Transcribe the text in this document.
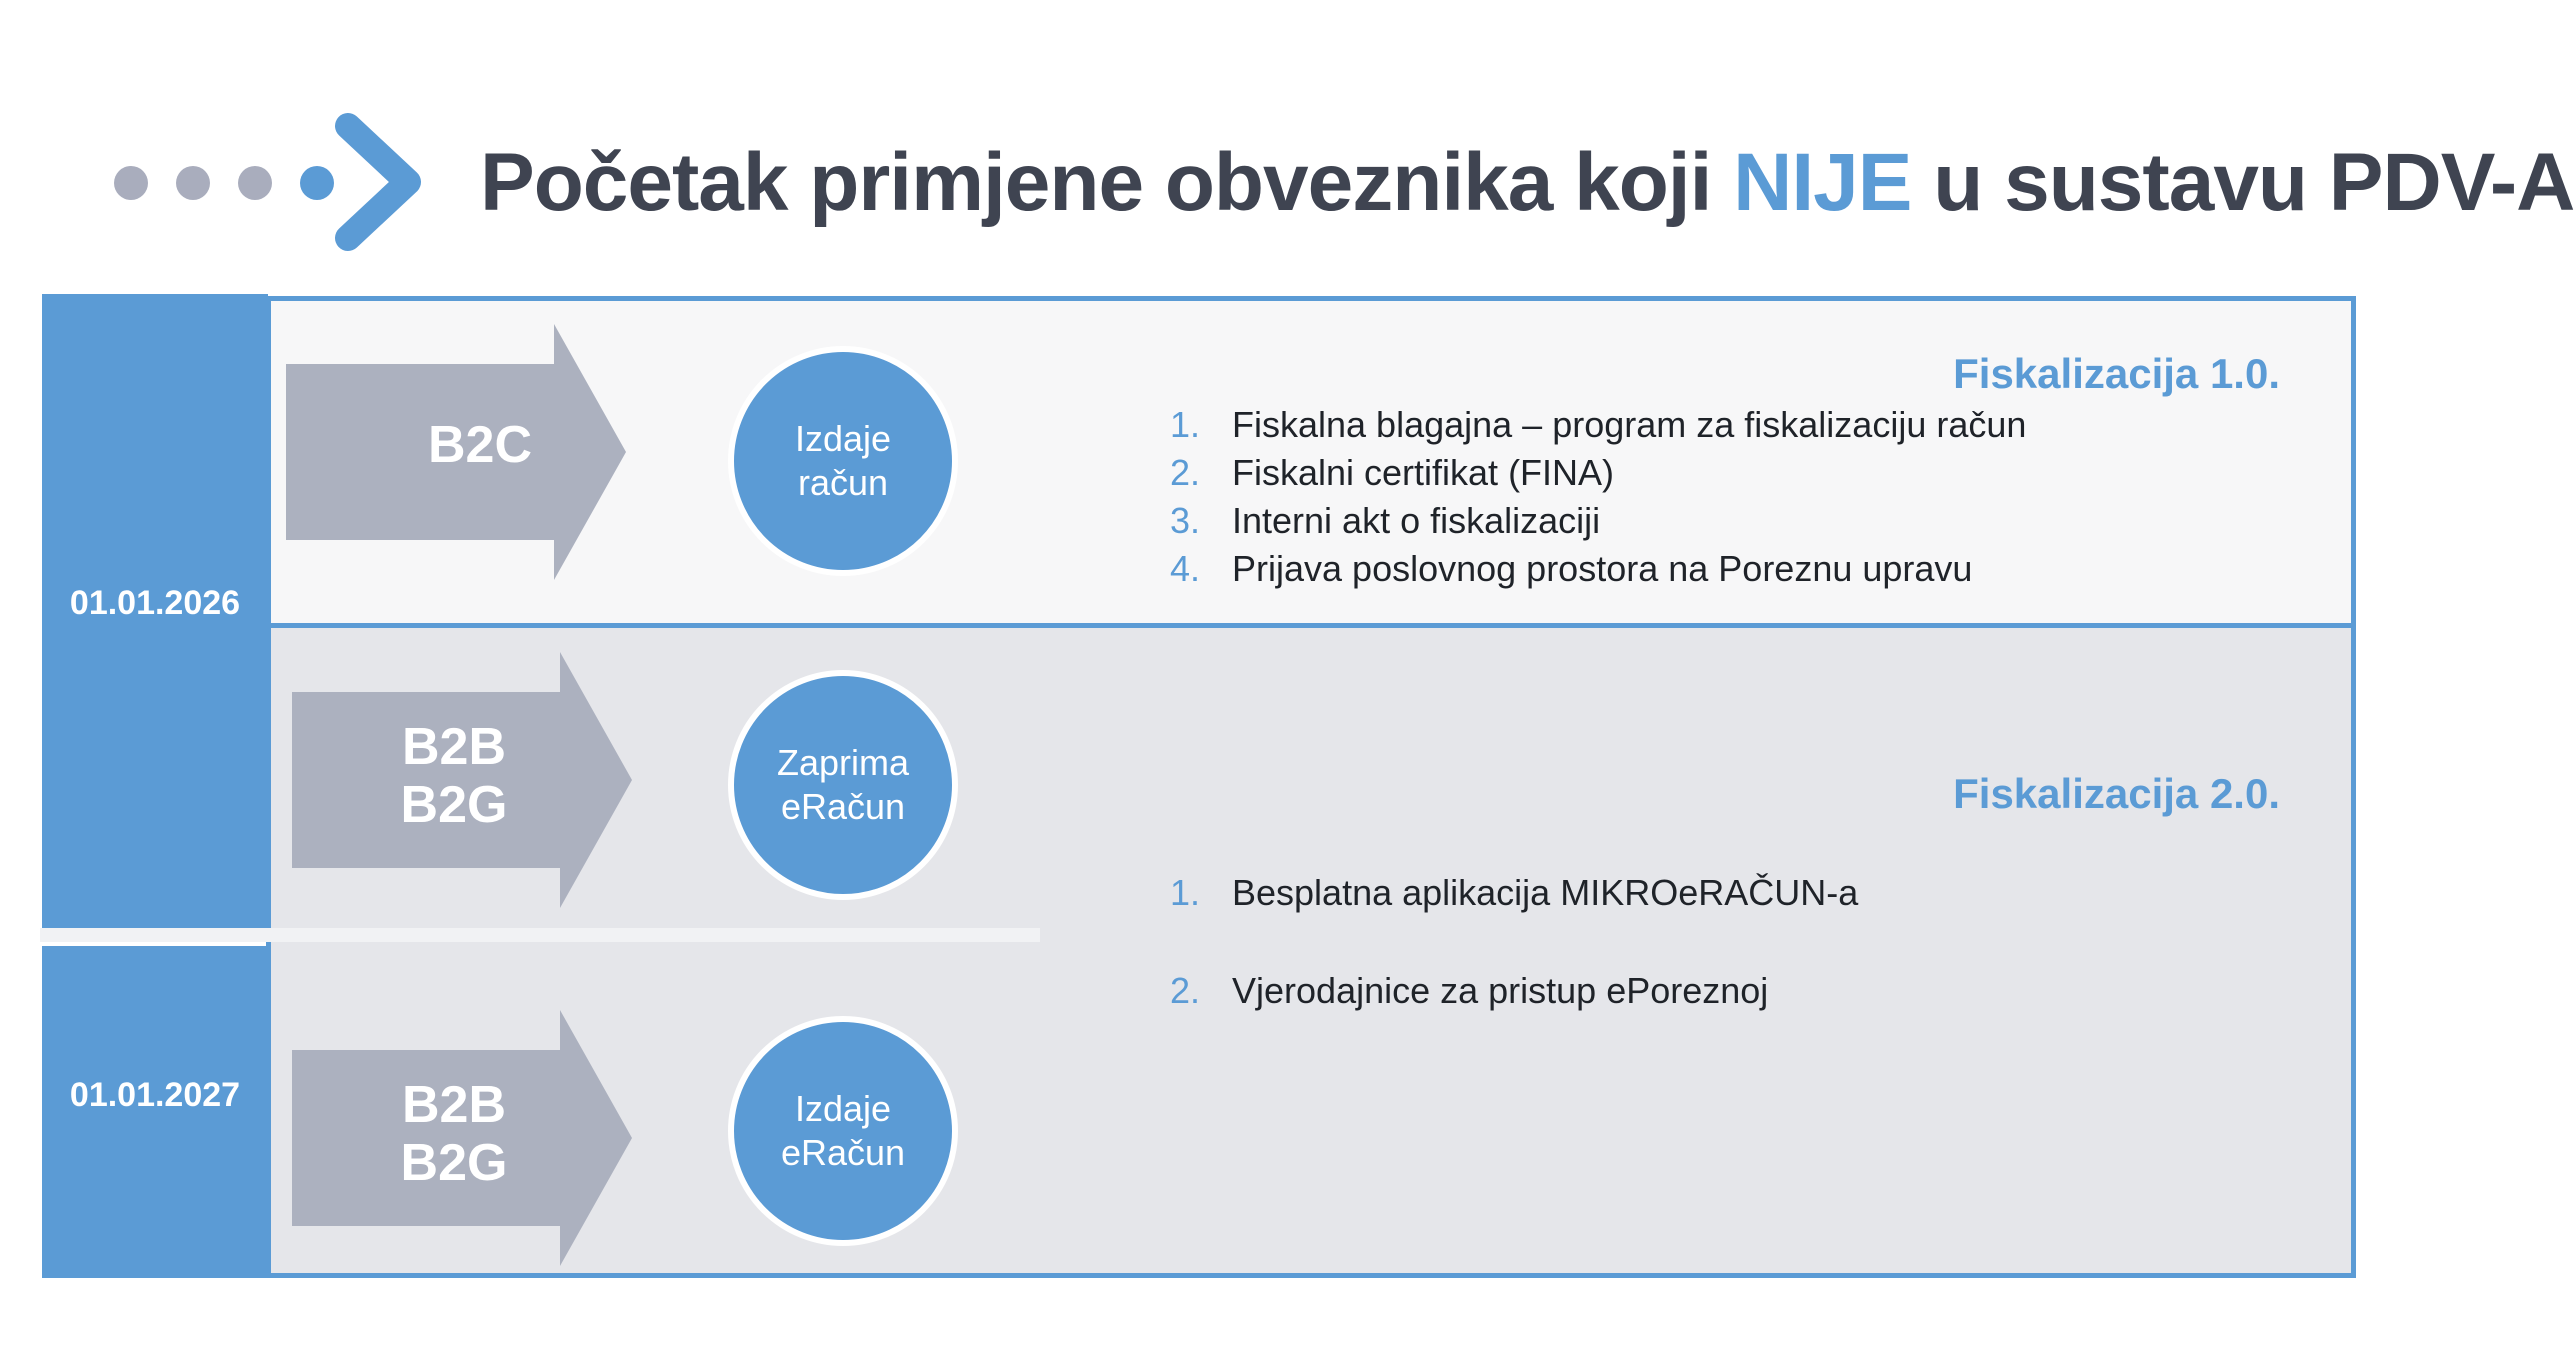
Početak primjene obveznika koji NIJE u sustavu PDV-A
01.01.2026
01.01.2027
B2C	Izdaje
račun
B2B
B2G
Zaprima
eRačun
B2B
B2G
Izdaje
eRačun
Fiskalizacija 1.0.
1. Fiskalna blagajna – program za fiskalizaciju račun
2. Fiskalni certifikat (FINA)
3. Interni akt o fiskalizaciji
4. Prijava poslovnog prostora na Poreznu upravu
Fiskalizacija 2.0.
1. Besplatna aplikacija MIKROeRAČUN-a
2. Vjerodajnice za pristup ePoreznoj
